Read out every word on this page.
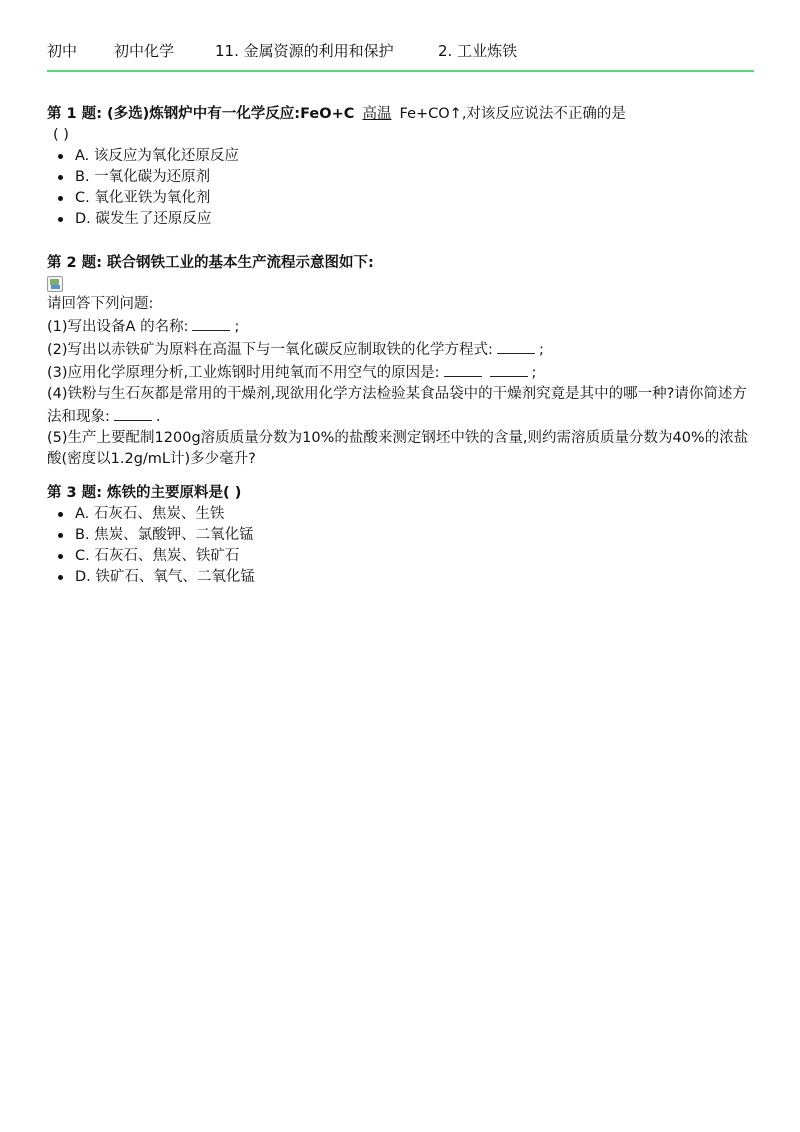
初中 初中化学	11. 金属资源的利用和保护	2. 工业炼铁
第 1 题: (多选)炼钢炉中有一化学反应:FeO+C 高温 Fe+CO↑,对该反应说法不正确的是
( )
A. 该反应为氧化还原反应
B. 一氧化碳为还原剂
C. 氧化亚铁为氧化剂
D. 碳发生了还原反应
第 2 题: 联合钢铁工业的基本生产流程示意图如下:
请回答下列问题:
(1)写出设备A 的名称:	;
(2)写出以赤铁矿为原料在高温下与一氧化碳反应制取铁的化学方程式:	;
(3)应用化学原理分析,工业炼钢时用纯氧而不用空气的原因是:	;
(4)铁粉与生石灰都是常用的干燥剂,现欲用化学方法检验某食品袋中的干燥剂究竟是其中的哪一种?请你简述方法和现象:	.
(5)生产上要配制1200g溶质质量分数为10%的盐酸来测定钢坯中铁的含量,则约需溶质质量分数为40%的浓盐酸(密度以1.2g/mL计)多少毫升?
第 3 题: 炼铁的主要原料是( )
A. 石灰石、焦炭、生铁
B. 焦炭、氯酸钾、二氧化锰
C. 石灰石、焦炭、铁矿石
D. 铁矿石、氧气、二氧化锰
